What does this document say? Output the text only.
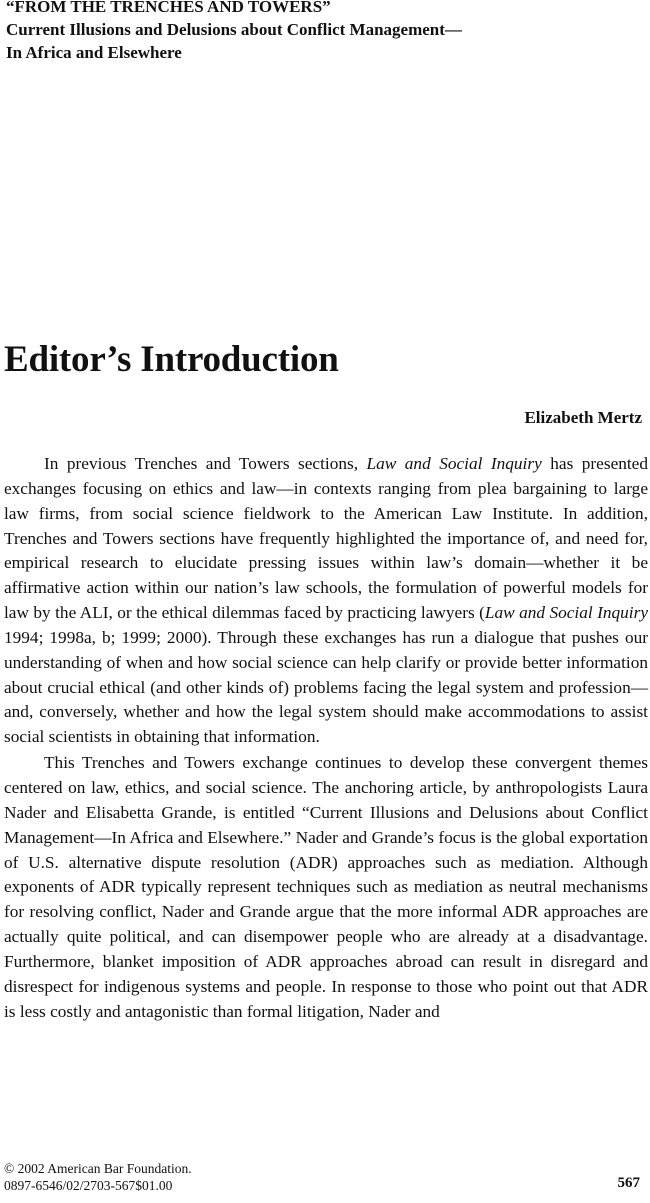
“FROM THE TRENCHES AND TOWERS”
Current Illusions and Delusions about Conflict Management—
In Africa and Elsewhere
Editor’s Introduction
Elizabeth Mertz

In previous Trenches and Towers sections, Law and Social Inquiry has presented exchanges focusing on ethics and law—in contexts ranging from plea bargaining to large law firms, from social science fieldwork to the American Law Institute. In addition, Trenches and Towers sections have frequently highlighted the importance of, and need for, empirical research to elucidate pressing issues within law’s domain—whether it be affirmative action within our nation’s law schools, the formulation of powerful models for law by the ALI, or the ethical dilemmas faced by practicing lawyers (Law and Social Inquiry 1994; 1998a, b; 1999; 2000). Through these exchanges has run a dialogue that pushes our understanding of when and how social science can help clarify or provide better information about crucial ethical (and other kinds of) problems facing the legal system and profession—and, conversely, whether and how the legal system should make accommodations to assist social scientists in obtaining that information.

This Trenches and Towers exchange continues to develop these convergent themes centered on law, ethics, and social science. The anchoring article, by anthropologists Laura Nader and Elisabetta Grande, is entitled “Current Illusions and Delusions about Conflict Management—In Africa and Elsewhere.” Nader and Grande’s focus is the global exportation of U.S. alternative dispute resolution (ADR) approaches such as mediation. Although exponents of ADR typically represent techniques such as mediation as neutral mechanisms for resolving conflict, Nader and Grande argue that the more informal ADR approaches are actually quite political, and can disempower people who are already at a disadvantage. Furthermore, blanket imposition of ADR approaches abroad can result in disregard and disrespect for indigenous systems and people. In response to those who point out that ADR is less costly and antagonistic than formal litigation, Nader and

© 2002 American Bar Foundation.
0897-6546/02/2703-567$01.00	567
